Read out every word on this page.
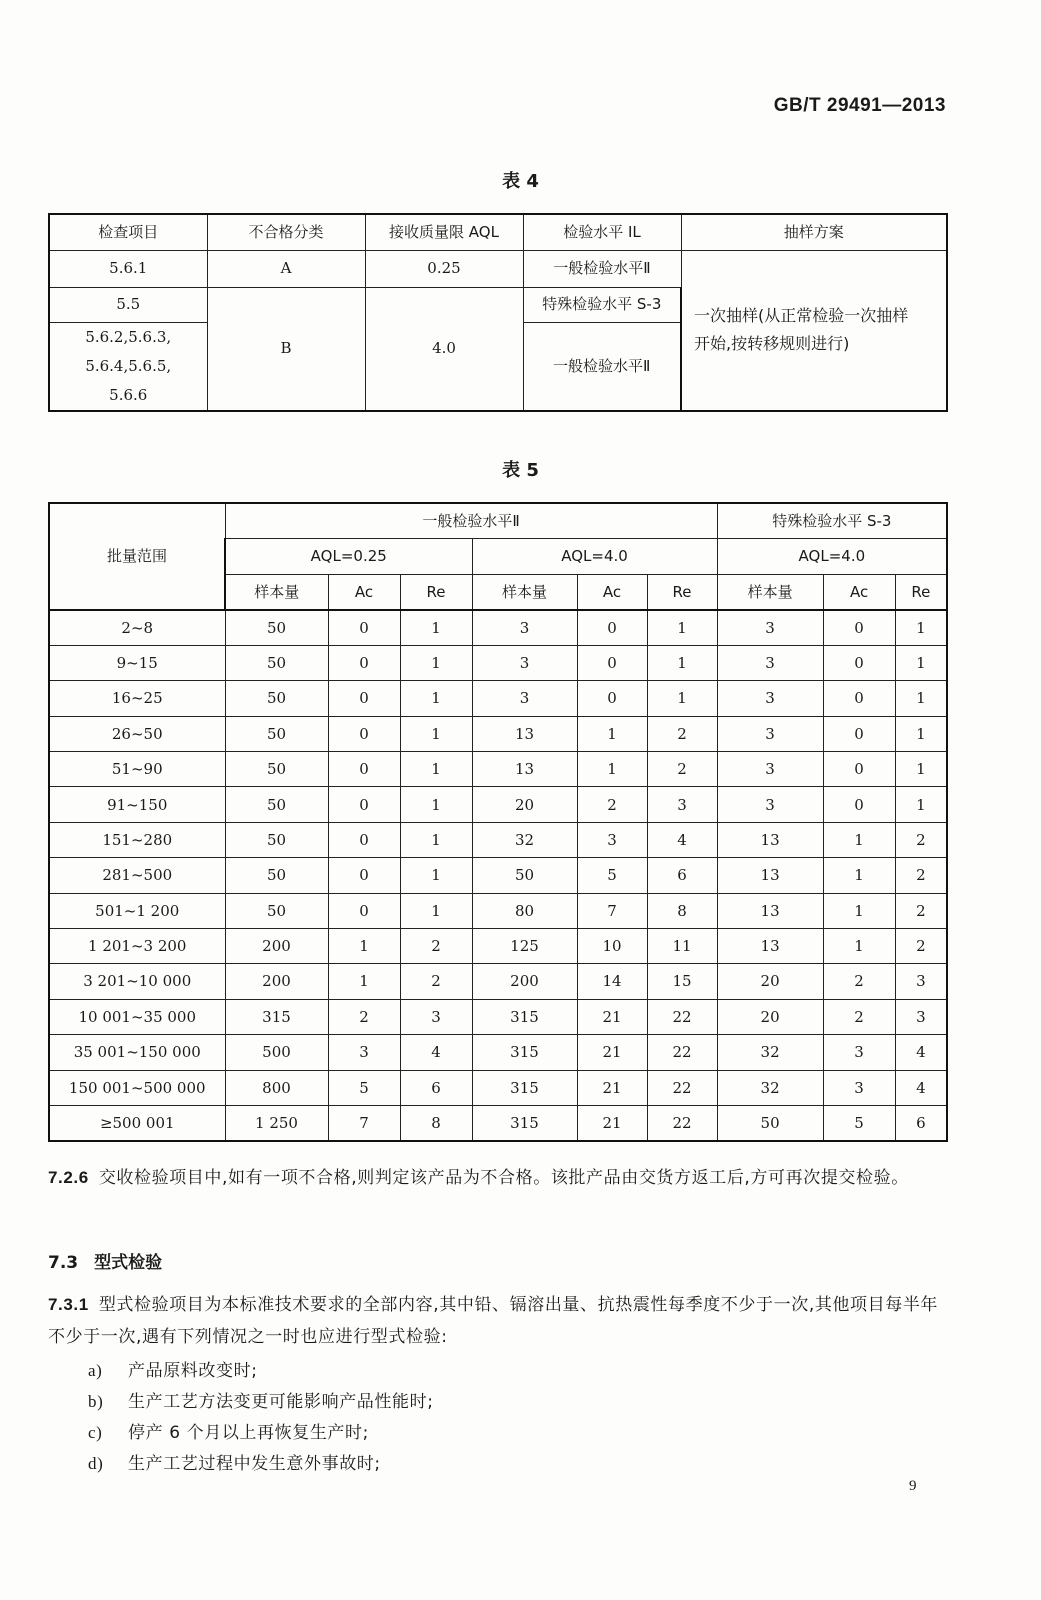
GB/T 29491—2013
表 4
检查项目	不合格分类	接收质量限 AQL	检验水平 IL	抽样方案
5.6.1	A	0.25	一般检验水平Ⅱ	一次抽样(从正常检验一次抽样
开始,按转移规则进行)

5.5	B	4.0	特殊检验水平 S-3	

5.6.2,5.6.3,
5.6.4,5.6.5,
5.6.6			一般检验水平Ⅱ	
表 5
批量范围	一般检验水平Ⅱ						特殊检验水平 S-3		
	AQL=0.25			AQL=4.0			AQL=4.0		
	样本量	Ac	Re	样本量	Ac	Re	样本量	Ac	Re
2~8	50	0	1	3	0	1	3	0	1
9~15	50	0	1	3	0	1	3	0	1
16~25	50	0	1	3	0	1	3	0	1
26~50	50	0	1	13	1	2	3	0	1
51~90	50	0	1	13	1	2	3	0	1
91~150	50	0	1	20	2	3	3	0	1
151~280	50	0	1	32	3	4	13	1	2
281~500	50	0	1	50	5	6	13	1	2
501~1 200	50	0	1	80	7	8	13	1	2
1 201~3 200	200	1	2	125	10	11	13	1	2
3 201~10 000	200	1	2	200	14	15	20	2	3
10 001~35 000	315	2	3	315	21	22	20	2	3
35 001~150 000	500	3	4	315	21	22	32	3	4
150 001~500 000	800	5	6	315	21	22	32	3	4
≥500 001	1 250	7	8	315	21	22	50	5	6
7.2.6 交收检验项目中,如有一项不合格,则判定该产品为不合格。该批产品由交货方返工后,方可再次提交检验。
7.3 型式检验
7.3.1 型式检验项目为本标准技术要求的全部内容,其中铅、镉溶出量、抗热震性每季度不少于一次,其他项目每半年不少于一次,遇有下列情况之一时也应进行型式检验:
a) 产品原料改变时;
b) 生产工艺方法变更可能影响产品性能时;
c) 停产 6 个月以上再恢复生产时;
d) 生产工艺过程中发生意外事故时;
9
